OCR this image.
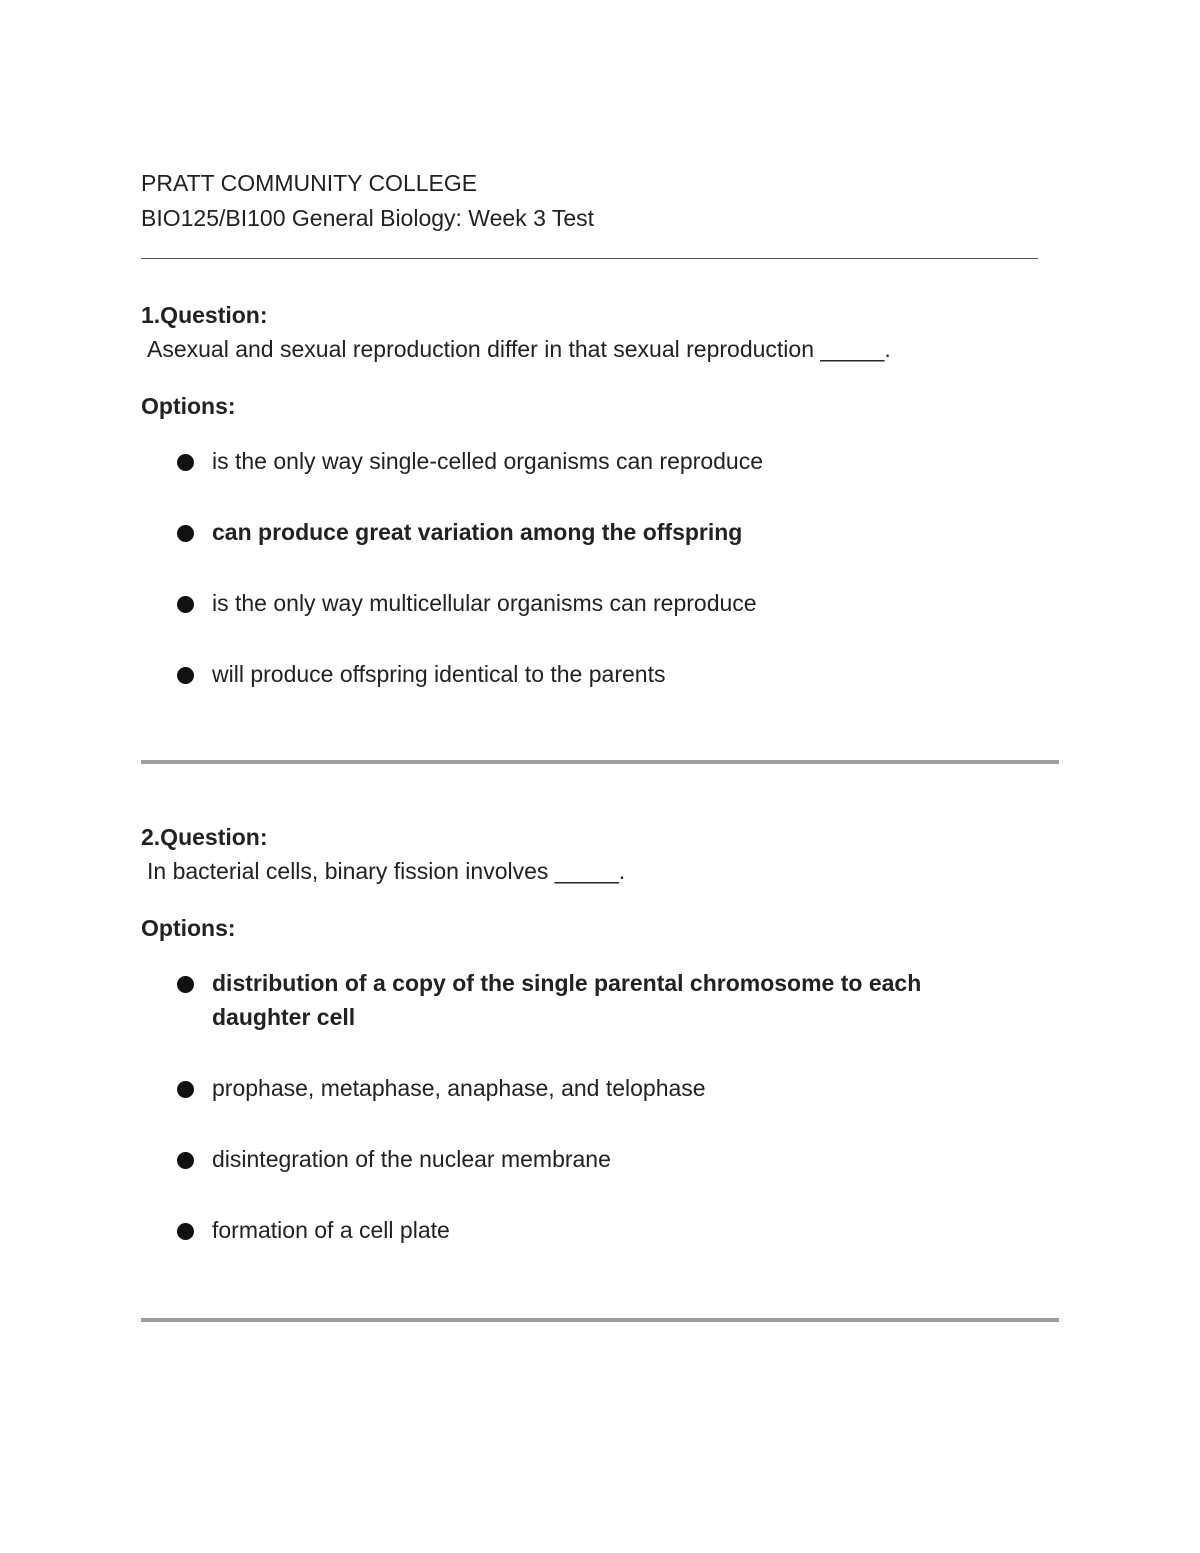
PRATT COMMUNITY COLLEGE
BIO125/BI100 General Biology: Week 3 Test
1.Question:
Asexual and sexual reproduction differ in that sexual reproduction _____.
Options:
is the only way single-celled organisms can reproduce
can produce great variation among the offspring
is the only way multicellular organisms can reproduce
will produce offspring identical to the parents
2.Question:
In bacterial cells, binary fission involves _____.
Options:
distribution of a copy of the single parental chromosome to each daughter cell
prophase, metaphase, anaphase, and telophase
disintegration of the nuclear membrane
formation of a cell plate
